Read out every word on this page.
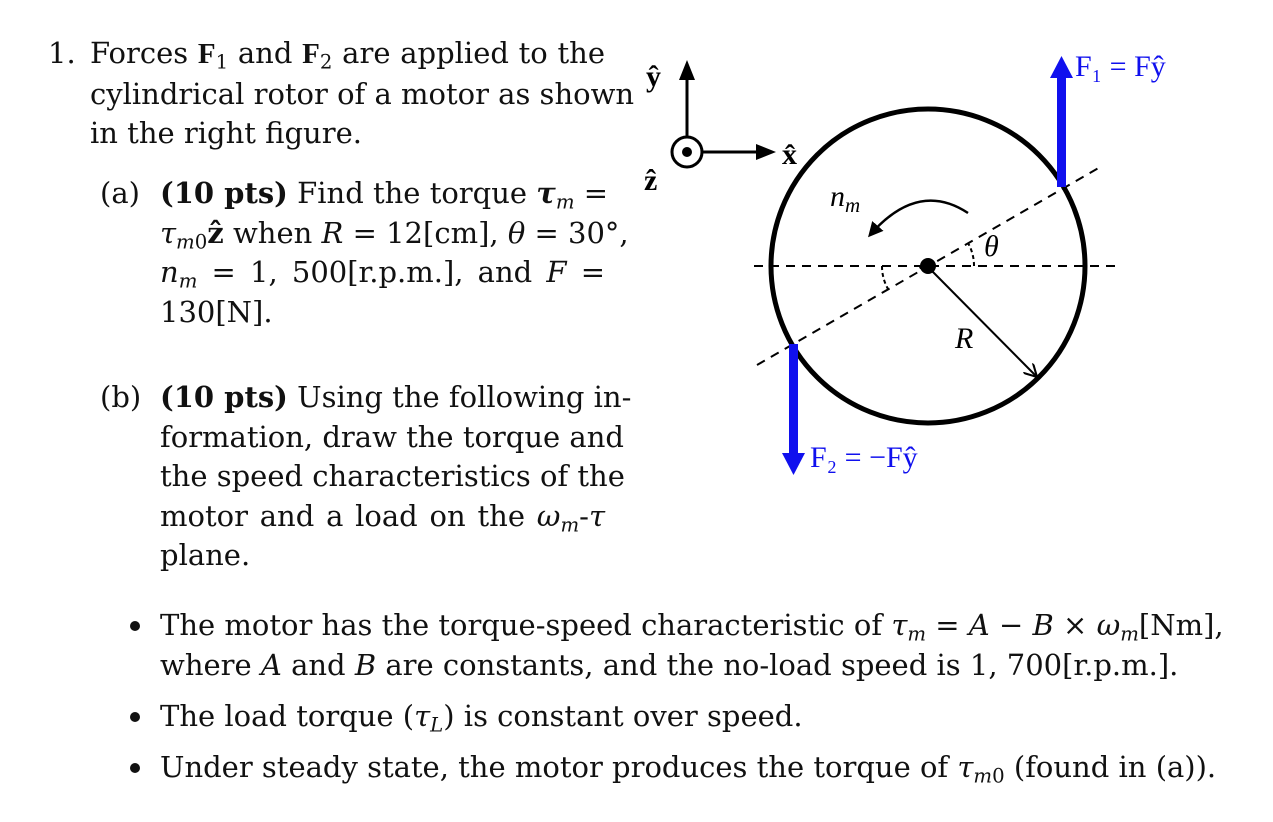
1. Forces $F_1$ and $F_2$ are applied to the
cylindrical rotor of a motor as shown
in the right figure.
(a) (10 pts) Find the torque $\tau_m$ =
$\tau_{m0}ẑ$ when R = 12[cm], θ = 30°,
$n_m = 1$, 500[r.p.m.], and F =
130[N].
(b) (10 pts) Using the following in-
formation, draw the torque and
the speed characteristics of the
motor and a load on the $\omega_m-\tau$
plane.
The motor has the torque-speed characteristic of $\tau_m = A - B \times \omega_m[Nm]$,
where A and B are constants, and the no-load speed is 1, 700[r.p.m.].
The load torque $(\tau_L)$ is constant over speed.
Under steady state, the motor produces the torque of $\tau_{m0}$ (found in (a)).
ŷ
x̂
ẑ	$n_m$
θ
R
F₁ = Fŷ
F₂ = −Fŷ
